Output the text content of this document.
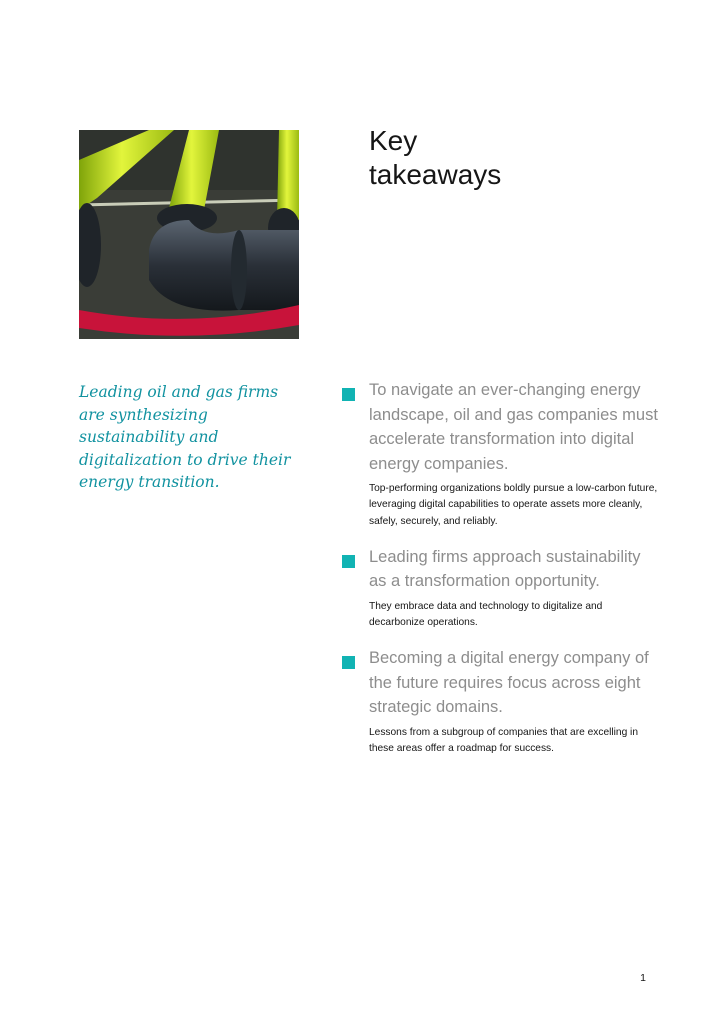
Key
takeaways
Leading oil and gas firms are synthesizing sustainability and digitalization to drive their energy transition.
To navigate an ever-changing energy landscape, oil and gas companies must accelerate transformation into digital energy companies.
Top-performing organizations boldly pursue a low-carbon future, leveraging digital capabilities to operate assets more cleanly, safely, securely, and reliably.
Leading firms approach sustainability as a transformation opportunity.
They embrace data and technology to digitalize and decarbonize operations.
Becoming a digital energy company of the future requires focus across eight strategic domains.
Lessons from a subgroup of companies that are excelling in these areas offer a roadmap for success.
1
